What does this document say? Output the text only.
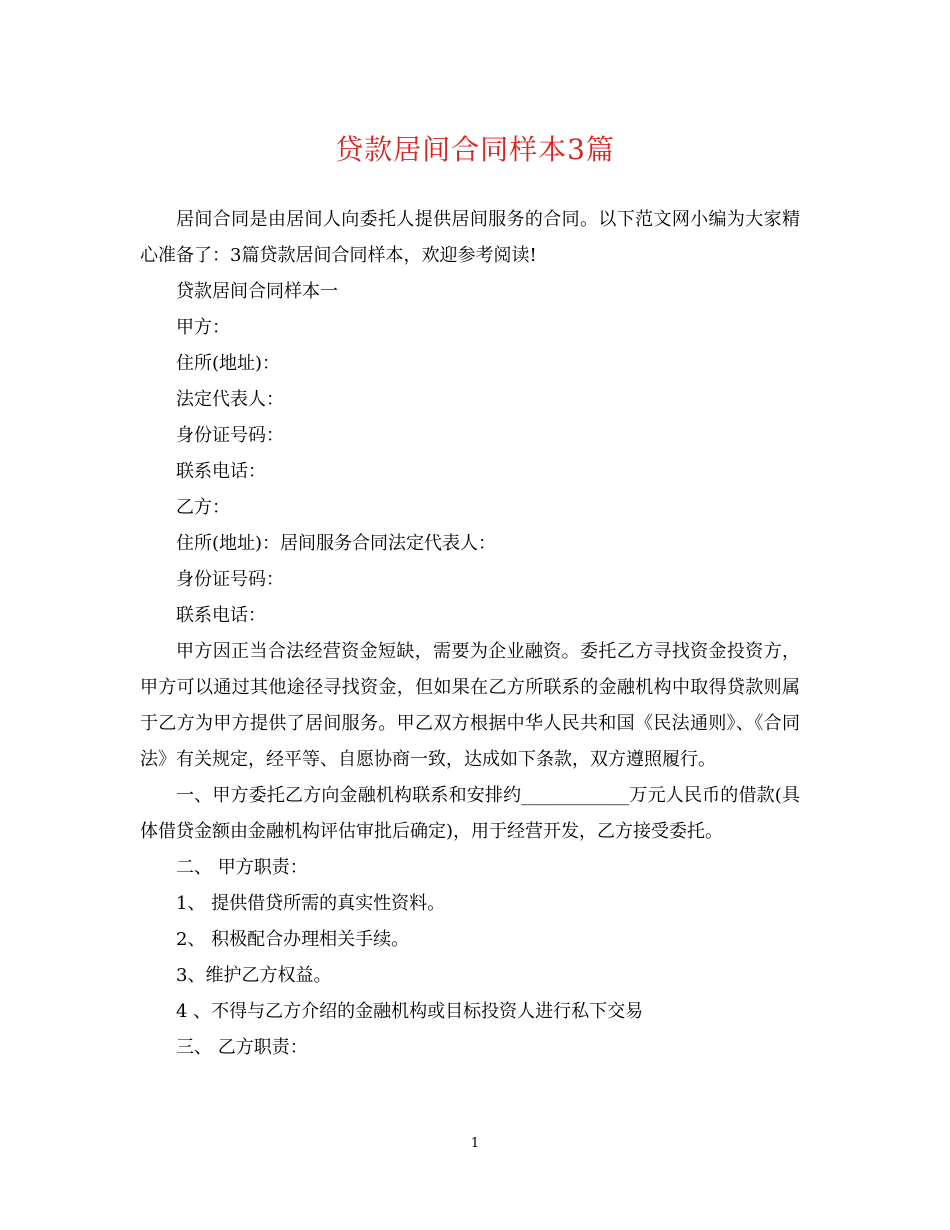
贷款居间合同样本3篇

居间合同是由居间人向委托人提供居间服务的合同。以下范文网小编为大家精心准备了：3篇贷款居间合同样本，欢迎参考阅读!

贷款居间合同样本一

甲方：

住所(地址)：

法定代表人：

身份证号码：

联系电话：

乙方：

住所(地址)：居间服务合同法定代表人：

身份证号码：

联系电话：

甲方因正当合法经营资金短缺，需要为企业融资。委托乙方寻找资金投资方，甲方可以通过其他途径寻找资金，但如果在乙方所联系的金融机构中取得贷款则属于乙方为甲方提供了居间服务。甲乙双方根据中华人民共和国《民法通则》、《合同法》有关规定，经平等、自愿协商一致，达成如下条款，双方遵照履行。

一、甲方委托乙方向金融机构联系和安排约____________万元人民币的借款(具体借贷金额由金融机构评估审批后确定)，用于经营开发，乙方接受委托。

二、 甲方职责：

1、 提供借贷所需的真实性资料。

2、 积极配合办理相关手续。

3、维护乙方权益。

4 、不得与乙方介绍的金融机构或目标投资人进行私下交易

三、 乙方职责：

1
